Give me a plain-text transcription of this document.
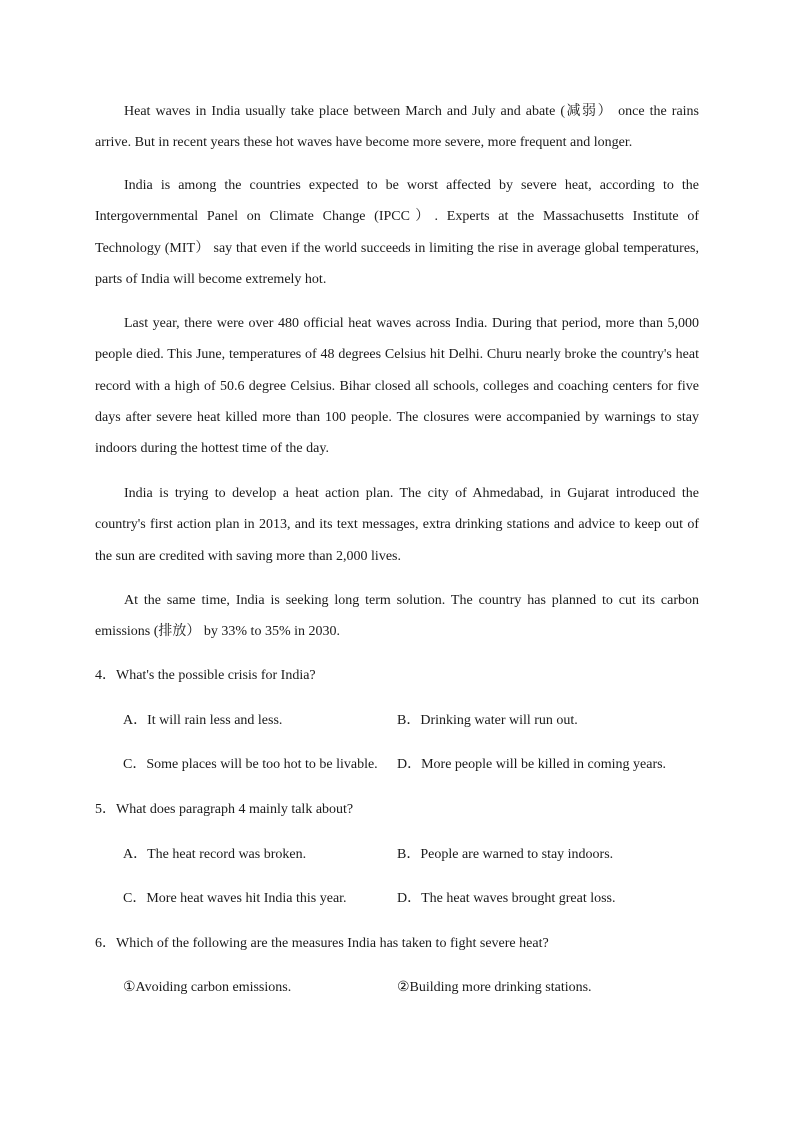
Heat waves in India usually take place between March and July and abate (减弱） once the rains arrive. But in recent years these hot waves have become more severe, more frequent and longer.

India is among the countries expected to be worst affected by severe heat, according to the Intergovernmental Panel on Climate Change (IPCC）. Experts at the Massachusetts Institute of Technology (MIT） say that even if the world succeeds in limiting the rise in average global temperatures, parts of India will become extremely hot.

Last year, there were over 480 official heat waves across India. During that period, more than 5,000 people died. This June, temperatures of 48 degrees Celsius hit Delhi. Churu nearly broke the country's heat record with a high of 50.6 degree Celsius. Bihar closed all schools, colleges and coaching centers for five days after severe heat killed more than 100 people. The closures were accompanied by warnings to stay indoors during the hottest time of the day.

India is trying to develop a heat action plan. The city of Ahmedabad, in Gujarat introduced the country's first action plan in 2013, and its text messages, extra drinking stations and advice to keep out of the sun are credited with saving more than 2,000 lives.

At the same time, India is seeking long term solution. The country has planned to cut its carbon emissions (排放） by 33% to 35% in 2030.

4．What's the possible crisis for India?

A．It will rain less and less.	B．Drinking water will run out.

C．Some places will be too hot to be livable. D．More people will be killed in coming years.

5．What does paragraph 4 mainly talk about?

A．The heat record was broken.	B．People are warned to stay indoors.

C．More heat waves hit India this year.	D．The heat waves brought great loss.

6．Which of the following are the measures India has taken to fight severe heat?

①Avoiding carbon emissions.	②Building more drinking stations.
